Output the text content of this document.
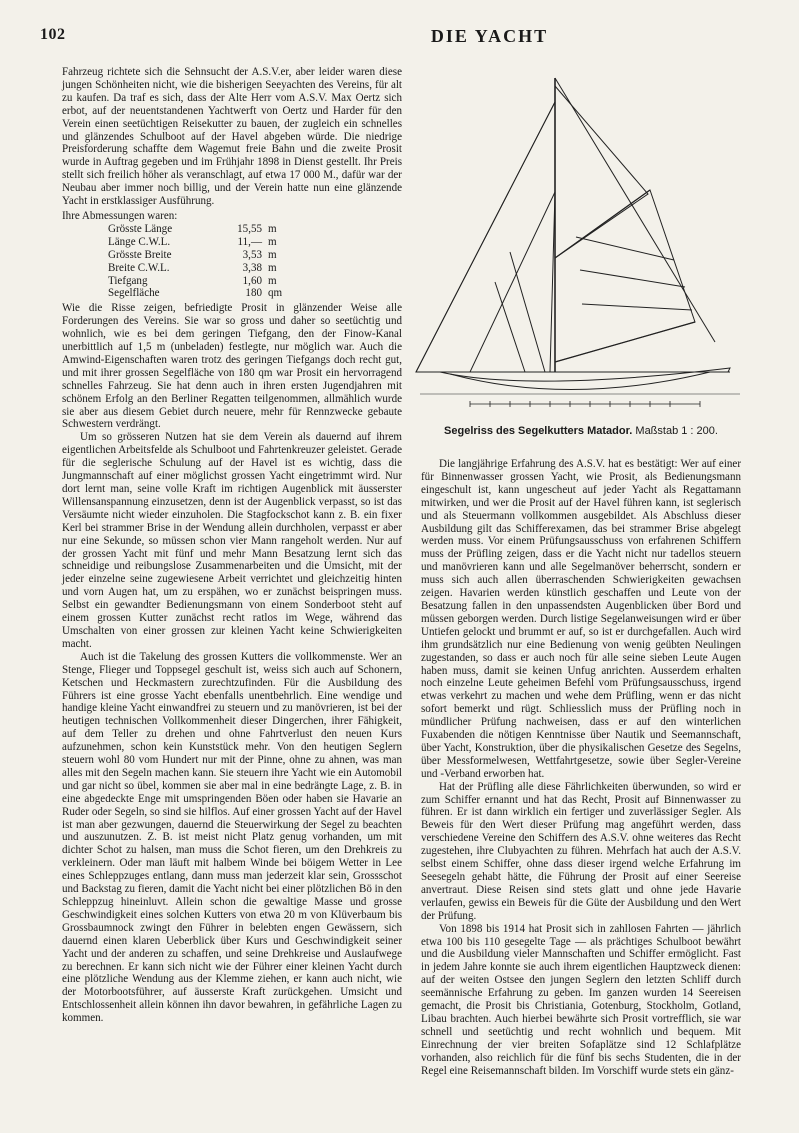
102	DIE YACHT

Fahrzeug richtete sich die Sehnsucht der A.S.V.er, aber leider waren diese jungen Schönheiten nicht, wie die bisherigen Seeyachten des Vereins, für alt zu kaufen. Da traf es sich, dass der Alte Herr vom A.S.V. Max Oertz sich erbot, auf der neuentstandenen Yachtwerft von Oertz und Harder für den Verein einen seetüchtigen Reisekutter zu bauen, der zugleich ein schnelles und glänzendes Schulboot auf der Havel abgeben würde. Die niedrige Preisforderung schaffte dem Wagemut freie Bahn und die zweite Prosit wurde in Auftrag gegeben und im Frühjahr 1898 in Dienst gestellt. Ihr Preis stellt sich freilich höher als veranschlagt, auf etwa 17 000 M., dafür war der Neubau aber immer noch billig, und der Verein hatte nun eine glänzende Yacht in erstklassiger Ausführung.

Ihre Abmessungen waren:

Grösste Länge	15,55	m
Länge C.W.L.	11,—	m
Grösste Breite	3,53	m
Breite C.W.L.	3,38	m
Tiefgang	1,60	m
Segelfläche	180	qm

Wie die Risse zeigen, befriedigte Prosit in glänzender Weise alle Forderungen des Vereins. Sie war so gross und daher so seetüchtig und wohnlich, wie es bei dem geringen Tiefgang, den der Finow-Kanal unerbittlich auf 1,5 m (unbeladen) festlegte, nur möglich war. Auch die Amwind-Eigenschaften waren trotz des geringen Tiefgangs doch recht gut, und mit ihrer grossen Segelfläche von 180 qm war Prosit ein hervorragend schnelles Fahrzeug. Sie hat denn auch in ihren ersten Jugendjahren mit schönem Erfolg an den Berliner Regatten teilgenommen, allmählich wurde sie aber aus diesem Gebiet durch neuere, mehr für Rennzwecke gebaute Schwestern verdrängt.

Um so grösseren Nutzen hat sie dem Verein als dauernd auf ihrem eigentlichen Arbeitsfelde als Schulboot und Fahrtenkreuzer geleistet. Gerade für die seglerische Schulung auf der Havel ist es wichtig, dass die Jungmannschaft auf einer möglichst grossen Yacht eingetrimmt wird. Nur dort lernt man, seine volle Kraft im richtigen Augenblick mit äusserster Willensanspannung einzusetzen, denn ist der Augenblick verpasst, so ist das Versäumte nicht wieder einzuholen. Die Stagfockschot kann z. B. ein fixer Kerl bei strammer Brise in der Wendung allein durchholen, verpasst er aber nur eine Sekunde, so müssen schon vier Mann rangeholt werden. Nur auf der grossen Yacht mit fünf und mehr Mann Besatzung lernt sich das schneidige und reibungslose Zusammenarbeiten und die Umsicht, mit der jeder einzelne seine zugewiesene Arbeit verrichtet und gleichzeitig hinten und vorn Augen hat, um zu erspähen, wo er zunächst beispringen muss. Selbst ein gewandter Bedienungsmann von einem Sonderboot steht auf einem grossen Kutter zunächst recht ratlos im Wege, während das Umschalten von einer grossen zur kleinen Yacht keine Schwierigkeiten macht.

Auch ist die Takelung des grossen Kutters die vollkommenste. Wer an Stenge, Flieger und Toppsegel geschult ist, weiss sich auch auf Schonern, Ketschen und Heckmastern zurechtzufinden. Für die Ausbildung des Führers ist eine grosse Yacht ebenfalls unentbehrlich. Eine wendige und handige kleine Yacht einwandfrei zu steuern und zu manövrieren, ist bei der heutigen technischen Vollkommenheit dieser Dingerchen, ihrer Fähigkeit, auf dem Teller zu drehen und ohne Fahrtverlust den neuen Kurs aufzunehmen, schon kein Kunststück mehr. Von den heutigen Seglern steuern wohl 80 vom Hundert nur mit der Pinne, ohne zu ahnen, was man alles mit den Segeln machen kann. Sie steuern ihre Yacht wie ein Automobil und gar nicht so übel, kommen sie aber mal in eine bedrängte Lage, z. B. in eine abgedeckte Enge mit umspringenden Böen oder haben sie Havarie an Ruder oder Segeln, so sind sie hilflos. Auf einer grossen Yacht auf der Havel ist man aber gezwungen, dauernd die Steuerwirkung der Segel zu beachten und auszunutzen. Z. B. ist meist nicht Platz genug vorhanden, um mit dichter Schot zu halsen, man muss die Schot fieren, um den Drehkreis zu verkleinern. Oder man läuft mit halbem Winde bei böigem Wetter in Lee eines Schleppzuges entlang, dann muss man jederzeit klar sein, Grossschot und Backstag zu fieren, damit die Yacht nicht bei einer plötzlichen Bö in den Schleppzug hineinluvt. Allein schon die gewaltige Masse und grosse Geschwindigkeit eines solchen Kutters von etwa 20 m von Klüverbaum bis Grossbaumnock zwingt den Führer in belebten engen Gewässern, sich dauernd einen klaren Ueberblick über Kurs und Geschwindigkeit seiner Yacht und der anderen zu schaffen, und seine Drehkreise und Auslaufwege zu berechnen. Er kann sich nicht wie der Führer einer kleinen Yacht durch eine plötzliche Wendung aus der Klemme ziehen, er kann auch nicht, wie der Motorbootsführer, auf äusserste Kraft zurückgehen. Umsicht und Entschlossenheit allein können ihn davor bewahren, in gefährliche Lagen zu kommen.

Segelriss des Segelkutters Matador. Maßstab 1 : 200.

Die langjährige Erfahrung des A.S.V. hat es bestätigt: Wer auf einer für Binnenwasser grossen Yacht, wie Prosit, als Bedienungsmann eingeschult ist, kann ungescheut auf jeder Yacht als Regattamann mitwirken, und wer die Prosit auf der Havel führen kann, ist seglerisch und als Steuermann vollkommen ausgebildet. Als Abschluss dieser Ausbildung gilt das Schifferexamen, das bei strammer Brise abgelegt werden muss. Vor einem Prüfungsausschuss von erfahrenen Schiffern muss der Prüfling zeigen, dass er die Yacht nicht nur tadellos steuern und manövrieren kann und alle Segelmanöver beherrscht, sondern er muss sich auch allen überraschenden Schwierigkeiten gewachsen zeigen. Havarien werden künstlich geschaffen und Leute von der Besatzung fallen in den unpassendsten Augenblicken über Bord und müssen geborgen werden. Durch listige Segelanweisungen wird er über Untiefen gelockt und brummt er auf, so ist er durchgefallen. Auch wird ihm grundsätzlich nur eine Bedienung von wenig geübten Neulingen zugestanden, so dass er auch noch für alle seine sieben Leute Augen haben muss, damit sie keinen Unfug anrichten. Ausserdem erhalten noch einzelne Leute geheimen Befehl vom Prüfungsausschuss, irgend etwas verkehrt zu machen und wehe dem Prüfling, wenn er das nicht sofort bemerkt und rügt. Schliesslich muss der Prüfling noch in mündlicher Prüfung nachweisen, dass er auf den winterlichen Fuxabenden die nötigen Kenntnisse über Nautik und Seemannschaft, über Yacht, Konstruktion, über die physikalischen Gesetze des Segelns, über Messformelwesen, Wettfahrtgesetze, sowie über Segler-Vereine und -Verband erworben hat.

Hat der Prüfling alle diese Fährlichkeiten überwunden, so wird er zum Schiffer ernannt und hat das Recht, Prosit auf Binnenwasser zu führen. Er ist dann wirklich ein fertiger und zuverlässiger Segler. Als Beweis für den Wert dieser Prüfung mag angeführt werden, dass verschiedene Vereine den Schiffern des A.S.V. ohne weiteres das Recht zugestehen, ihre Clubyachten zu führen. Mehrfach hat auch der A.S.V. selbst einem Schiffer, ohne dass dieser irgend welche Erfahrung im Seesegeln gehabt hätte, die Führung der Prosit auf einer Seereise anvertraut. Diese Reisen sind stets glatt und ohne jede Havarie verlaufen, gewiss ein Beweis für die Güte der Ausbildung und den Wert der Prüfung.

Von 1898 bis 1914 hat Prosit sich in zahllosen Fahrten — jährlich etwa 100 bis 110 gesegelte Tage — als prächtiges Schulboot bewährt und die Ausbildung vieler Mannschaften und Schiffer ermöglicht. Fast in jedem Jahre konnte sie auch ihrem eigentlichen Hauptzweck dienen: auf der weiten Ostsee den jungen Seglern den letzten Schliff durch seemännische Erfahrung zu geben. Im ganzen wurden 14 Seereisen gemacht, die Prosit bis Christiania, Gotenburg, Stockholm, Gotland, Libau brachten. Auch hierbei bewährte sich Prosit vortrefflich, sie war schnell und seetüchtig und recht wohnlich und bequem. Mit Einrechnung der vier breiten Sofaplätze sind 12 Schlafplätze vorhanden, also reichlich für die fünf bis sechs Studenten, die in der Regel eine Reisemannschaft bilden. Im Vorschiff wurde stets ein gänz-
